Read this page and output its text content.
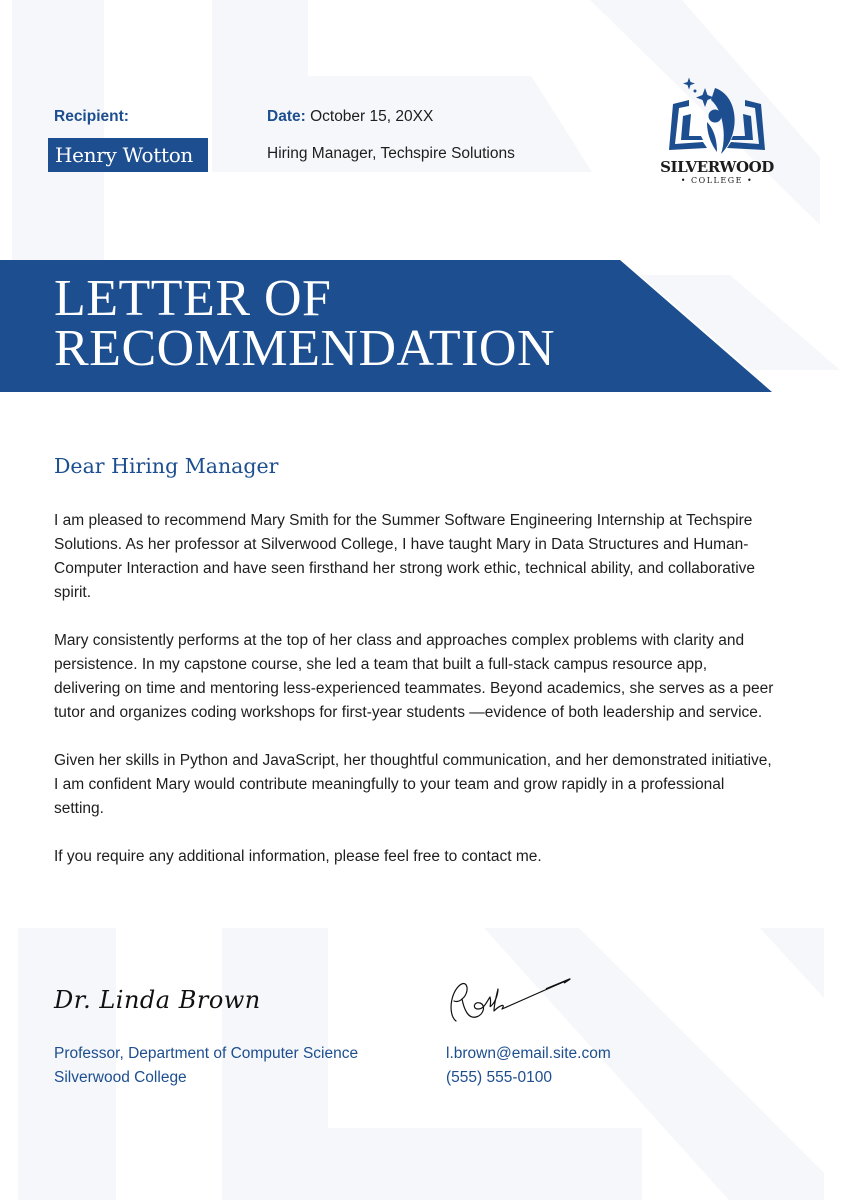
Recipient:
Henry Wotton
Date: October 15, 20XX
Hiring Manager, Techspire Solutions
SILVERWOOD
• COLLEGE •
LETTER OF
RECOMMENDATION
Dear Hiring Manager

I am pleased to recommend Mary Smith for the Summer Software Engineering Internship at Techspire Solutions. As her professor at Silverwood College, I have taught Mary in Data Structures and Human-Computer Interaction and have seen firsthand her strong work ethic, technical ability, and collaborative spirit.

Mary consistently performs at the top of her class and approaches complex problems with clarity and persistence. In my capstone course, she led a team that built a full-stack campus resource app, delivering on time and mentoring less-experienced teammates. Beyond academics, she serves as a peer tutor and organizes coding workshops for first-year students —evidence of both leadership and service.

Given her skills in Python and JavaScript, her thoughtful communication, and her demonstrated initiative, I am confident Mary would contribute meaningfully to your team and grow rapidly in a professional setting.

If you require any additional information, please feel free to contact me.

Dr. Linda Brown
Professor, Department of Computer Science
Silverwood College
l.brown@email.site.com
(555) 555-0100
